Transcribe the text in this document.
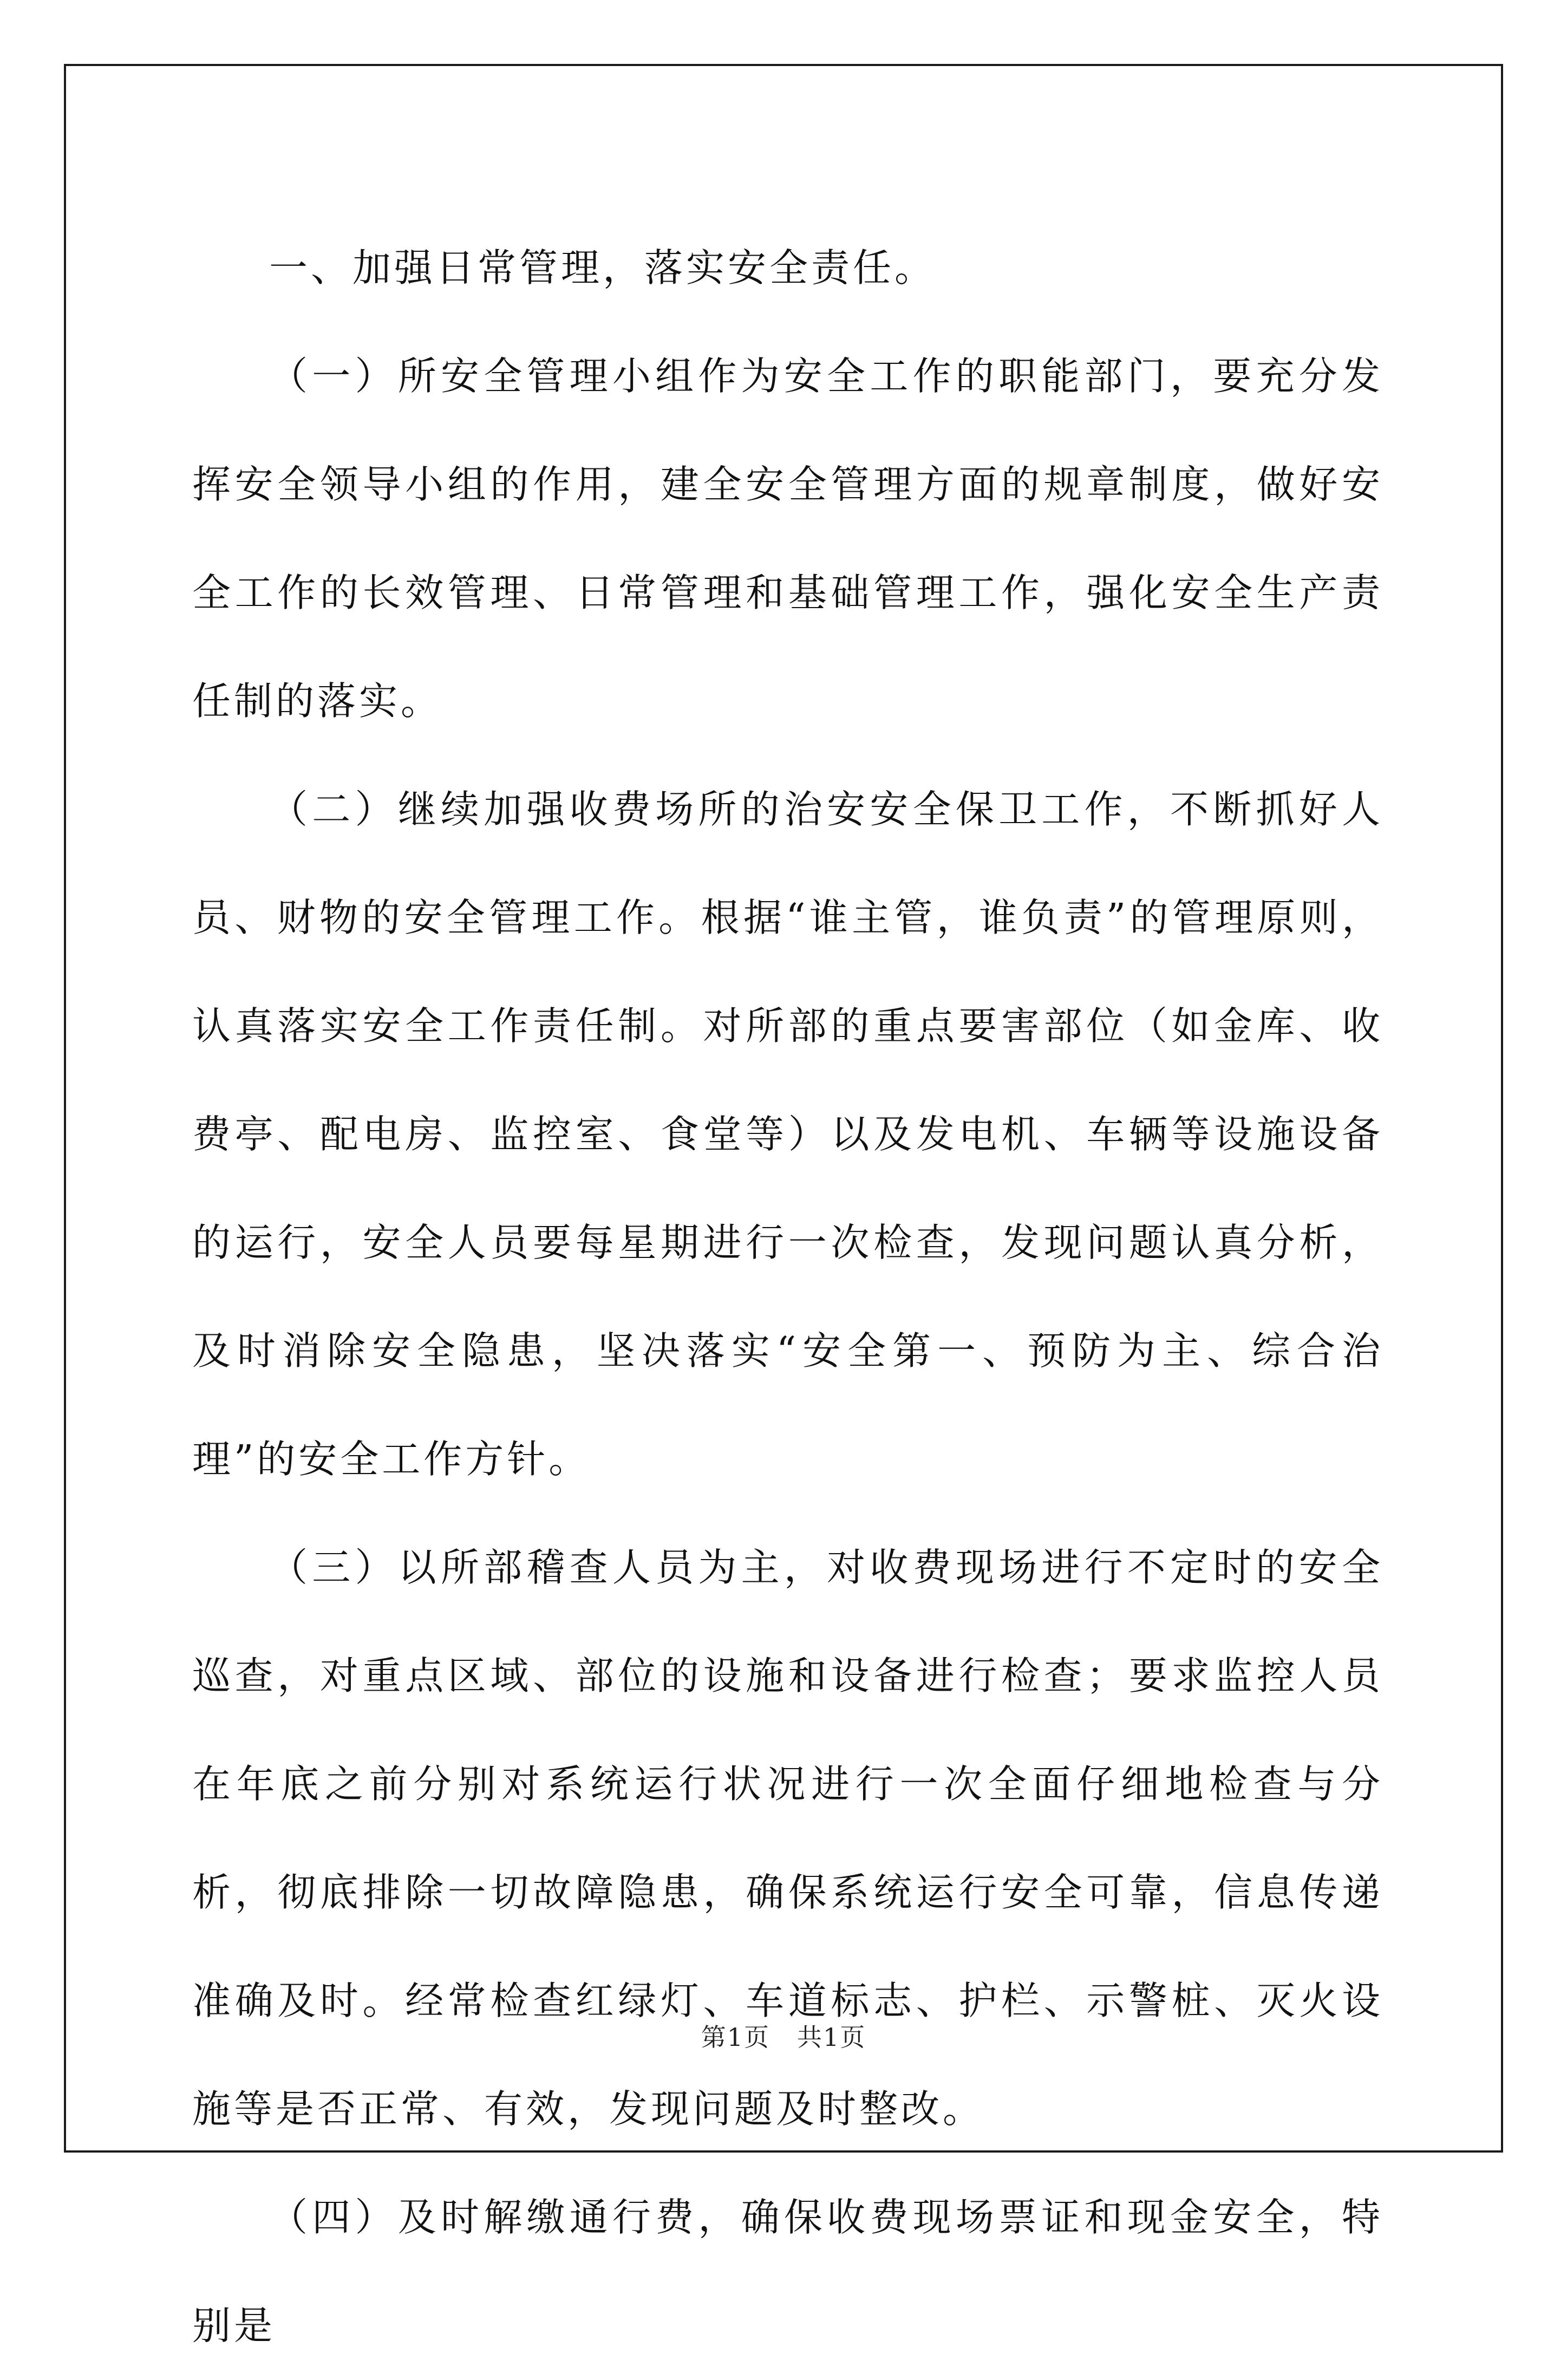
一、加强日常管理，落实安全责任。

（一）所安全管理小组作为安全工作的职能部门，要充分发挥安全领导小组的作用，建全安全管理方面的规章制度，做好安全工作的长效管理、日常管理和基础管理工作，强化安全生产责任制的落实。

（二）继续加强收费场所的治安安全保卫工作，不断抓好人员、财物的安全管理工作。根据“谁主管，谁负责”的管理原则，认真落实安全工作责任制。对所部的重点要害部位（如金库、收费亭、配电房、监控室、食堂等）以及发电机、车辆等设施设备的运行，安全人员要每星期进行一次检查，发现问题认真分析，及时消除安全隐患，坚决落实“安全第一、预防为主、综合治理”的安全工作方针。

（三）以所部稽查人员为主，对收费现场进行不定时的安全巡查，对重点区域、部位的设施和设备进行检查；要求监控人员在年底之前分别对系统运行状况进行一次全面仔细地检查与分析，彻底排除一切故障隐患，确保系统运行安全可靠，信息传递准确及时。经常检查红绿灯、车道标志、护栏、示警桩、灭火设施等是否正常、有效，发现问题及时整改。

（四）及时解缴通行费，确保收费现场票证和现金安全，特别是

第1页 共1页
